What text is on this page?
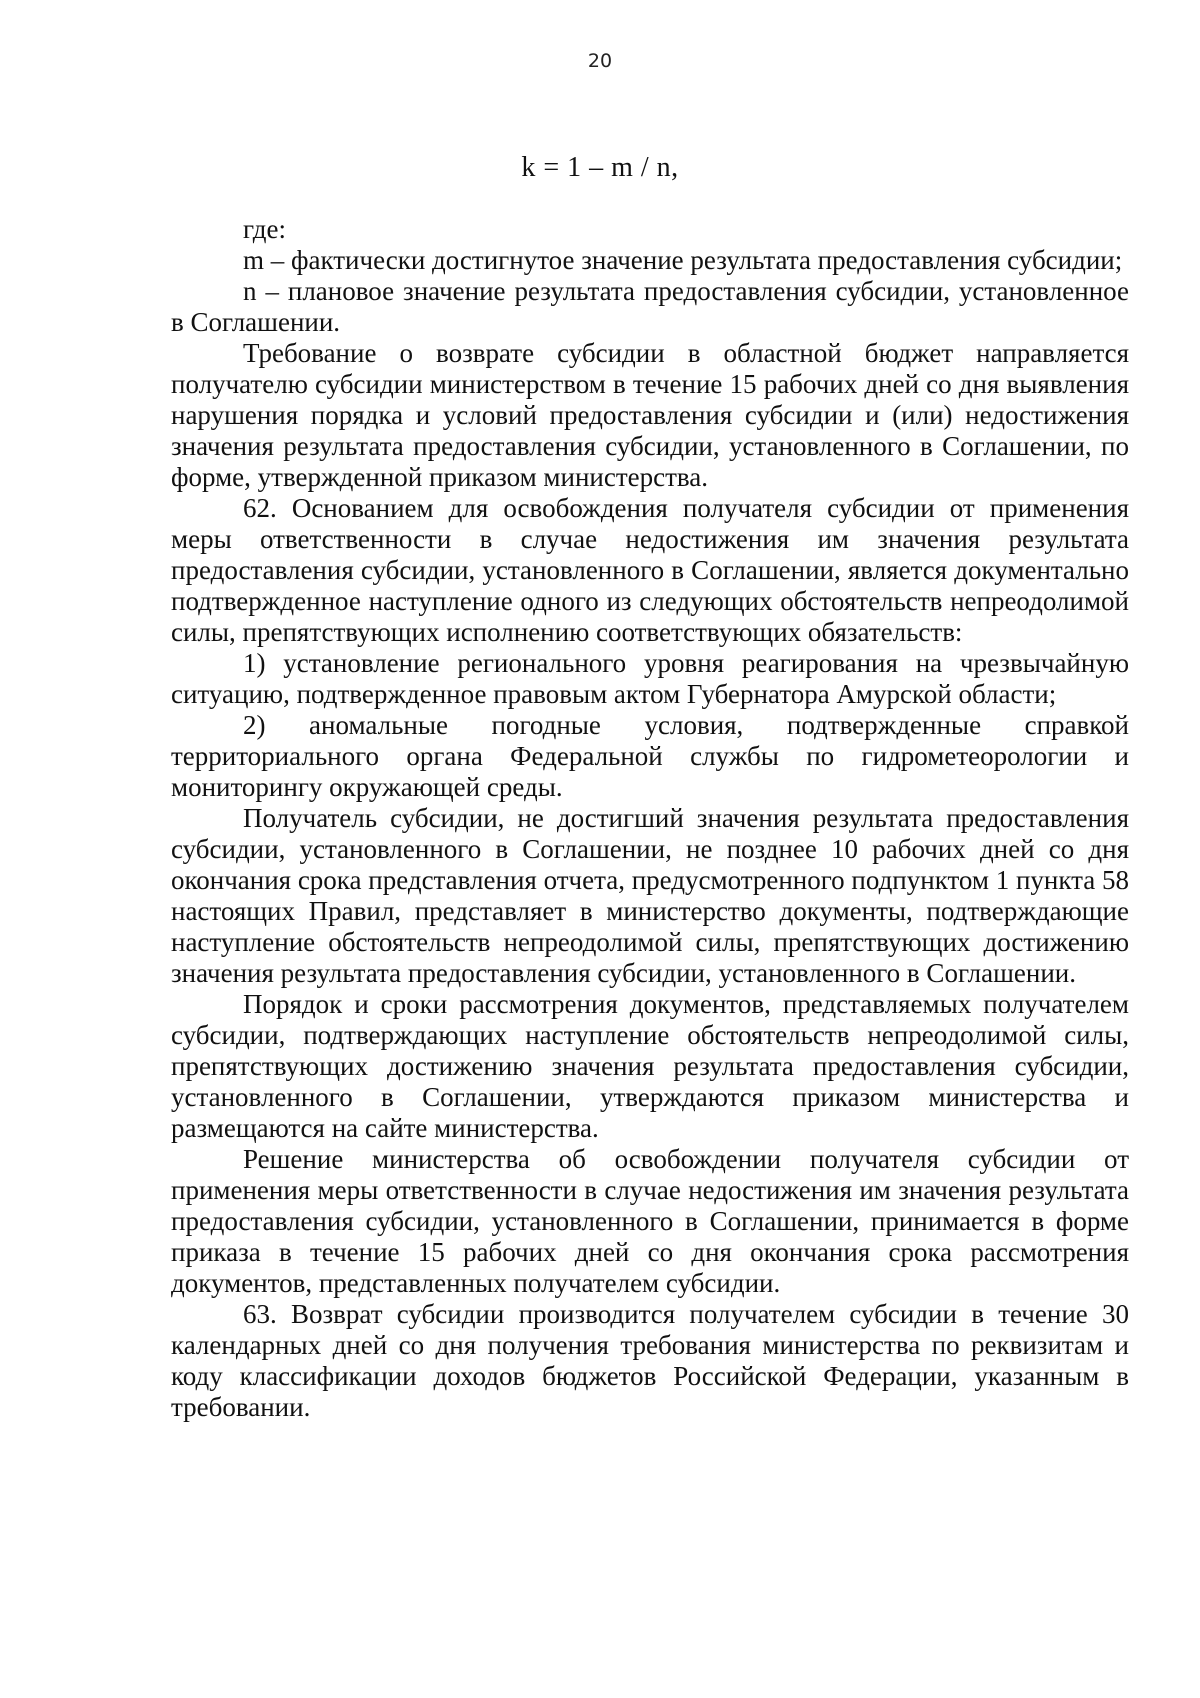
20
k = 1 – m / n,

где:

m – фактически достигнутое значение результата предоставления субсидии;

n – плановое значение результата предоставления субсидии, установленное в Соглашении.

Требование о возврате субсидии в областной бюджет направляется получателю субсидии министерством в течение 15 рабочих дней со дня выявления нарушения порядка и условий предоставления субсидии и (или) недостижения значения результата предоставления субсидии, установленного в Соглашении, по форме, утвержденной приказом министерства.

62. Основанием для освобождения получателя субсидии от применения меры ответственности в случае недостижения им значения результата предоставления субсидии, установленного в Соглашении, является документально подтвержденное наступление одного из следующих обстоятельств непреодолимой силы, препятствующих исполнению соответствующих обязательств:

1) установление регионального уровня реагирования на чрезвычайную ситуацию, подтвержденное правовым актом Губернатора Амурской области;

2) аномальные погодные условия, подтвержденные справкой территориального органа Федеральной службы по гидрометеорологии и мониторингу окружающей среды.

Получатель субсидии, не достигший значения результата предоставления субсидии, установленного в Соглашении, не позднее 10 рабочих дней со дня окончания срока представления отчета, предусмотренного подпунктом 1 пункта 58 настоящих Правил, представляет в министерство документы, подтверждающие наступление обстоятельств непреодолимой силы, препятствующих достижению значения результата предоставления субсидии, установленного в Соглашении.

Порядок и сроки рассмотрения документов, представляемых получателем субсидии, подтверждающих наступление обстоятельств непреодолимой силы, препятствующих достижению значения результата предоставления субсидии, установленного в Соглашении, утверждаются приказом министерства и размещаются на сайте министерства.

Решение министерства об освобождении получателя субсидии от применения меры ответственности в случае недостижения им значения результата предоставления субсидии, установленного в Соглашении, принимается в форме приказа в течение 15 рабочих дней со дня окончания срока рассмотрения документов, представленных получателем субсидии.

63. Возврат субсидии производится получателем субсидии в течение 30 календарных дней со дня получения требования министерства по реквизитам и коду классификации доходов бюджетов Российской Федерации, указанным в требовании.
